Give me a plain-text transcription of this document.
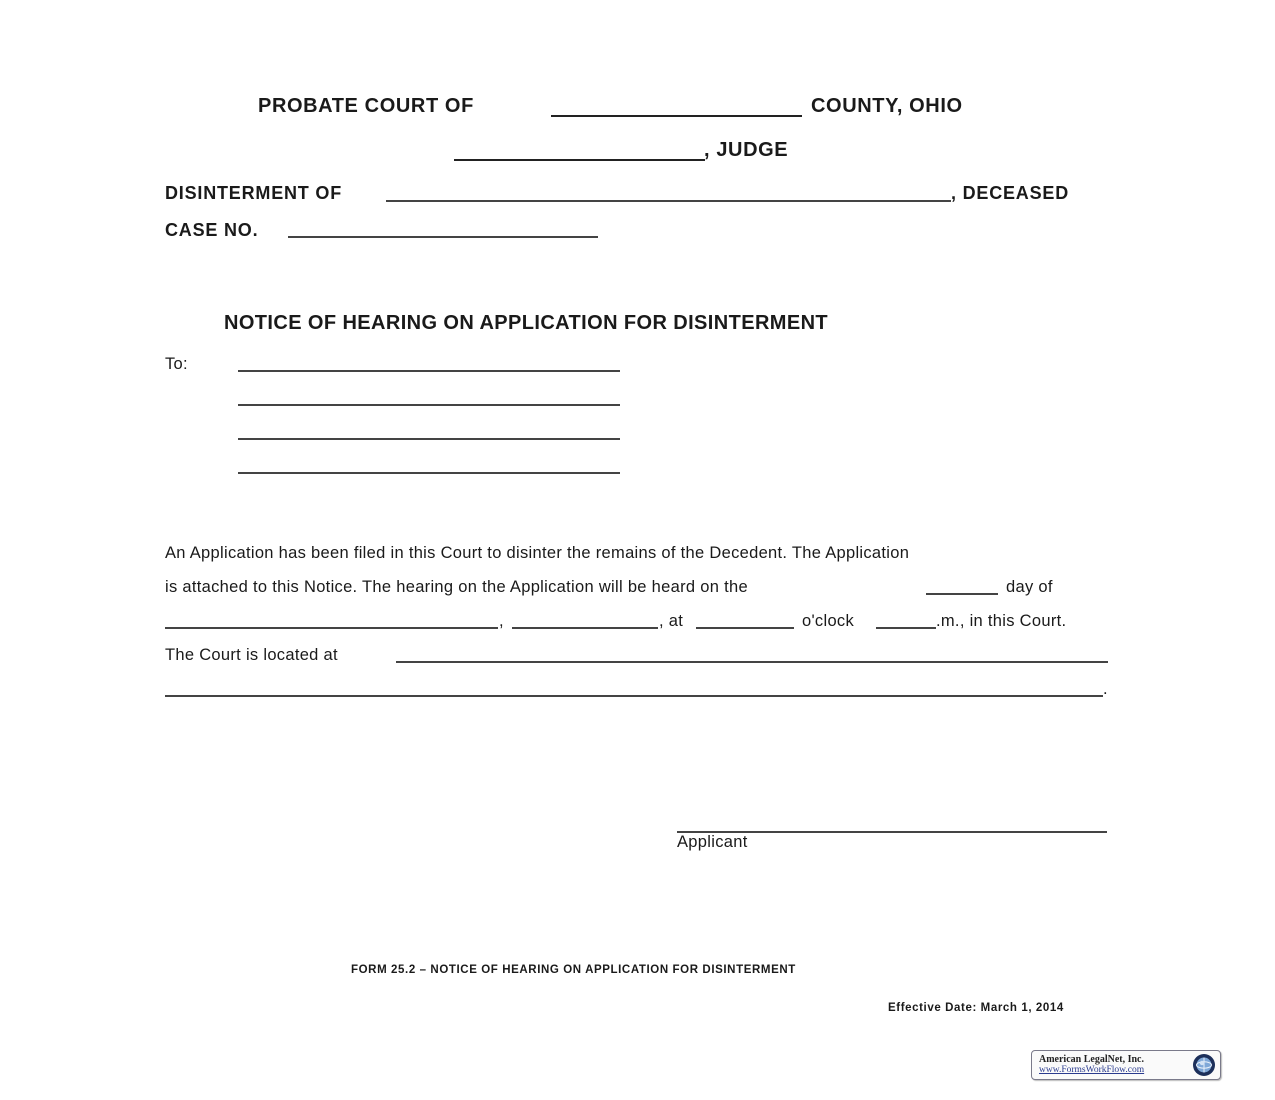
PROBATE COURT OF	COUNTY, OHIO
, JUDGE
DISINTERMENT OF	, DECEASED
CASE NO.
NOTICE OF HEARING ON APPLICATION FOR DISINTERMENT
To:
An Application has been filed in this Court to disinter the remains of the Decedent. The Application
is attached to this Notice. The hearing on the Application will be heard on the	day of
,	, at	o'clock	.m., in this Court.
The Court is located at
.
Applicant
FORM 25.2 – NOTICE OF HEARING ON APPLICATION FOR DISINTERMENT
Effective Date: March 1, 2014
American LegalNet, Inc.
www.FormsWorkFlow.com
